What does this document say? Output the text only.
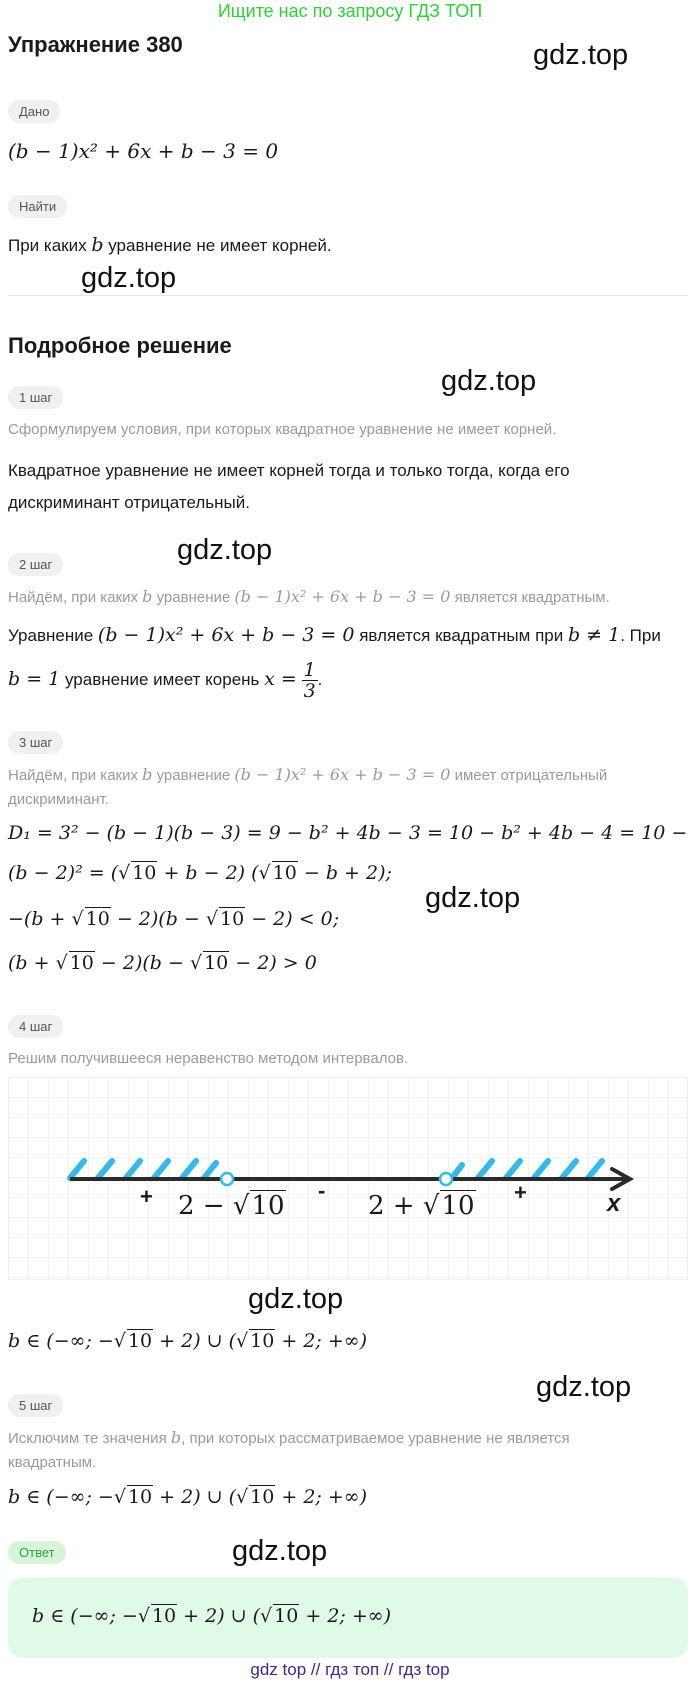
Ищите нас по запросу ГДЗ ТОП
Упражнение 380	gdz.top
Дано
(b − 1)x² + 6x + b − 3 = 0
Найти
При каких b уравнение не имеет корней.
gdz.top
Подробное решение
gdz.top
1 шаг
Сформулируем условия, при которых квадратное уравнение не имеет корней.
Квадратное уравнение не имеет корней тогда и только тогда, когда его дискриминант отрицательный.
gdz.top
2 шаг
Найдём, при каких b уравнение (b − 1)x² + 6x + b − 3 = 0 является квадратным.
Уравнение (b − 1)x² + 6x + b − 3 = 0 является квадратным при b ≠ 1. При
b = 1 уравнение имеет корень $x = \frac{1}{3}$ .
3 шаг
Найдём, при каких b уравнение (b − 1)x² + 6x + b − 3 = 0 имеет отрицательный дискриминант.
D₁ = 3² − (b − 1)(b − 3) = 9 − b² + 4b − 3 = 10 − b² + 4b − 4 = 10 −
(b − 2)² = (√ 10 + b − 2) (√ 10 − b + 2);
gdz.top
−(b + √ 10 − 2)(b − √ 10 − 2) < 0;
(b + √ 10 − 2)(b − √ 10 − 2) > 0
4 шаг
Решим получившееся неравенство методом интервалов.
+	-	+
2 − √10	2 + √10	x
gdz.top
b ∈ (−∞; −√ 10 + 2) ∪ (√ 10 + 2; +∞)
gdz.top
5 шаг
Исключим те значения b, при которых рассматриваемое уравнение не является квадратным.
b ∈ (−∞; −√ 10 + 2) ∪ (√ 10 + 2; +∞)
Ответ	gdz.top
b ∈ (−∞; −√ 10 + 2) ∪ (√ 10 + 2; +∞)
gdz top // гдз топ // гдз top
